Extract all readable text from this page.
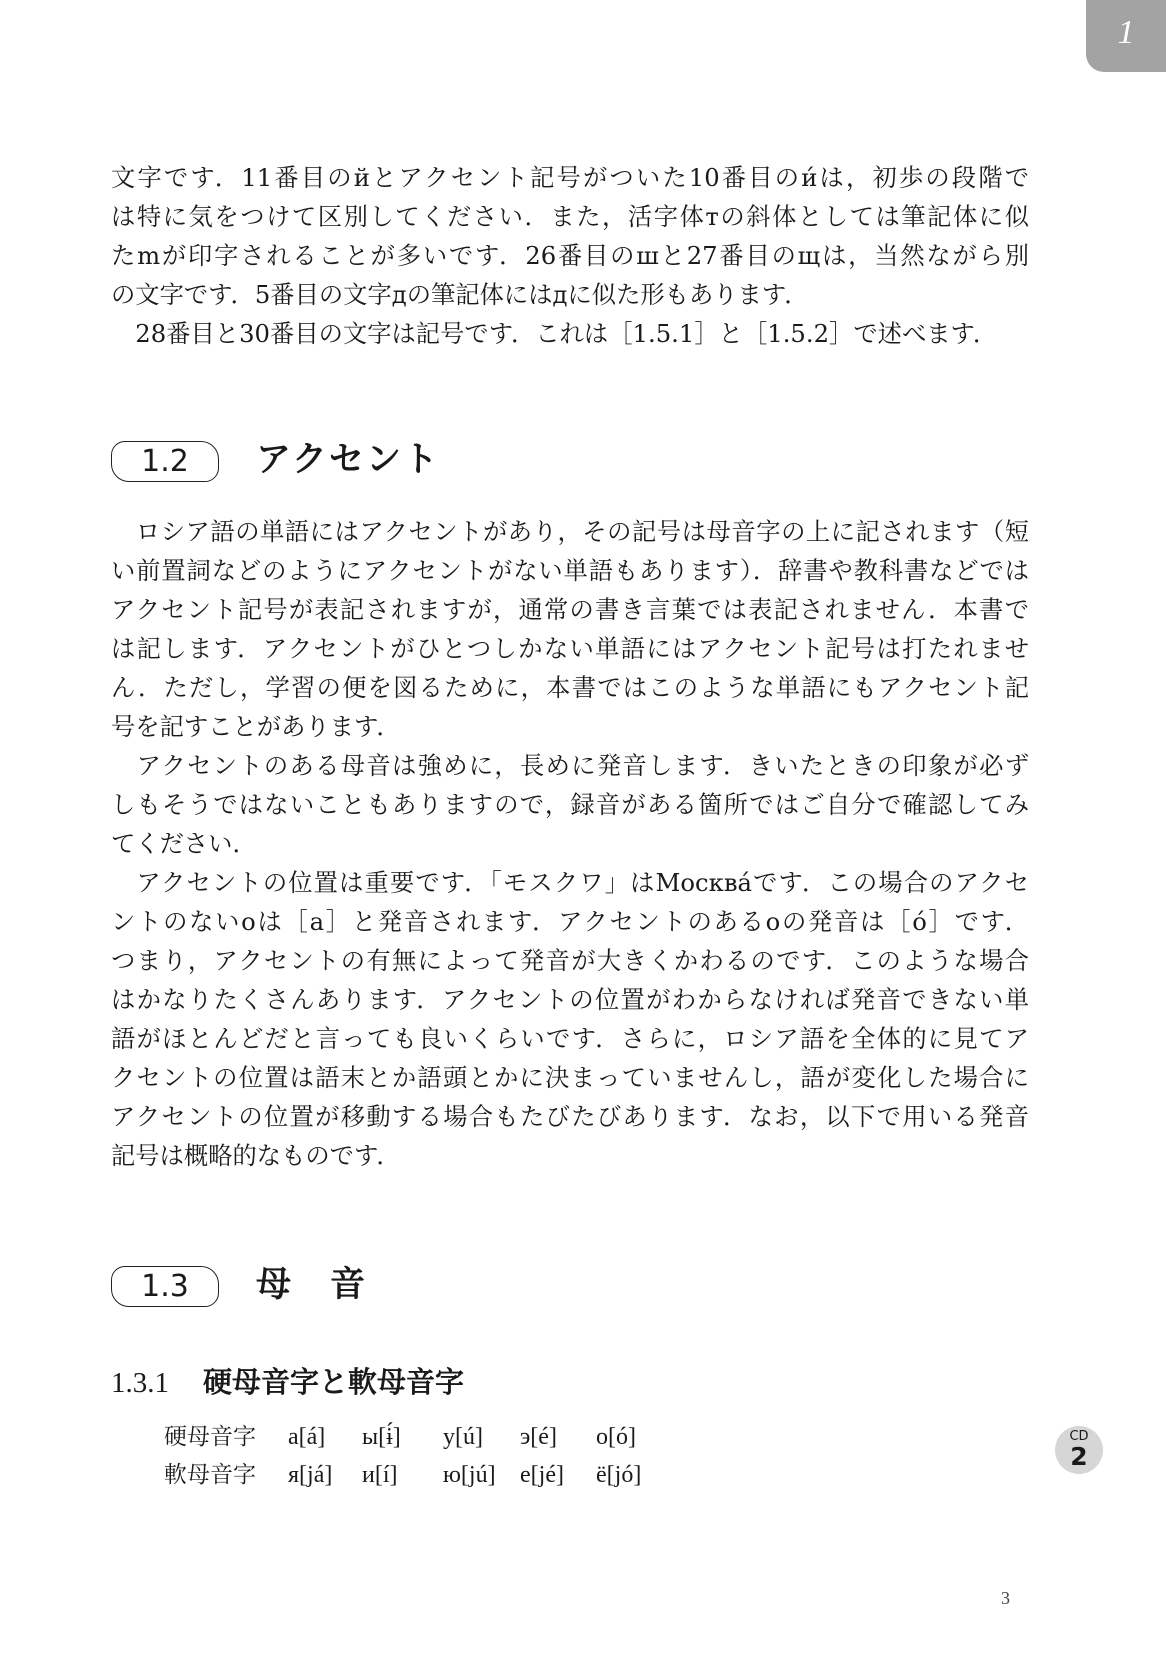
1
文字です．11番目のйとアクセント記号がついた10番目のи́は，初歩の段階で
は特に気をつけて区別してください．また，活字体тの斜体としては筆記体に似
たmが印字されることが多いです．26番目のшと27番目のщは，当然ながら別
の文字です．5番目の文字дの筆記体にはдに似た形もあります．
　28番目と30番目の文字は記号です．これは［1.5.1］と［1.5.2］で述べます．
1.2	アクセント
　ロシア語の単語にはアクセントがあり，その記号は母音字の上に記されます（短
い前置詞などのようにアクセントがない単語もあります）．辞書や教科書などでは
アクセント記号が表記されますが，通常の書き言葉では表記されません．本書で
は記します．アクセントがひとつしかない単語にはアクセント記号は打たれませ
ん．ただし，学習の便を図るために，本書ではこのような単語にもアクセント記
号を記すことがあります．
　アクセントのある母音は強めに，長めに発音します．きいたときの印象が必ず
しもそうではないこともありますので，録音がある箇所ではご自分で確認してみ
てください．
　アクセントの位置は重要です．「モスクワ」はМосква́です．この場合のアクセ
ントのないoは［a］と発音されます．アクセントのあるoの発音は［ó］です．
つまり，アクセントの有無によって発音が大きくかわるのです．このような場合
はかなりたくさんあります．アクセントの位置がわからなければ発音できない単
語がほとんどだと言っても良いくらいです．さらに，ロシア語を全体的に見てア
クセントの位置は語末とか語頭とかに決まっていませんし，語が変化した場合に
アクセントの位置が移動する場合もたびたびあります．なお，以下で用いる発音
記号は概略的なものです．
1.3	母　音
1.3.1 硬母音字と軟母音字
硬母音字	a[á] ы[ɨ́] y[ú] э[é] o[ó]
軟母音字	я[já] и[í] ю[jú] e[jé] ë[jó]
CD
2
3
